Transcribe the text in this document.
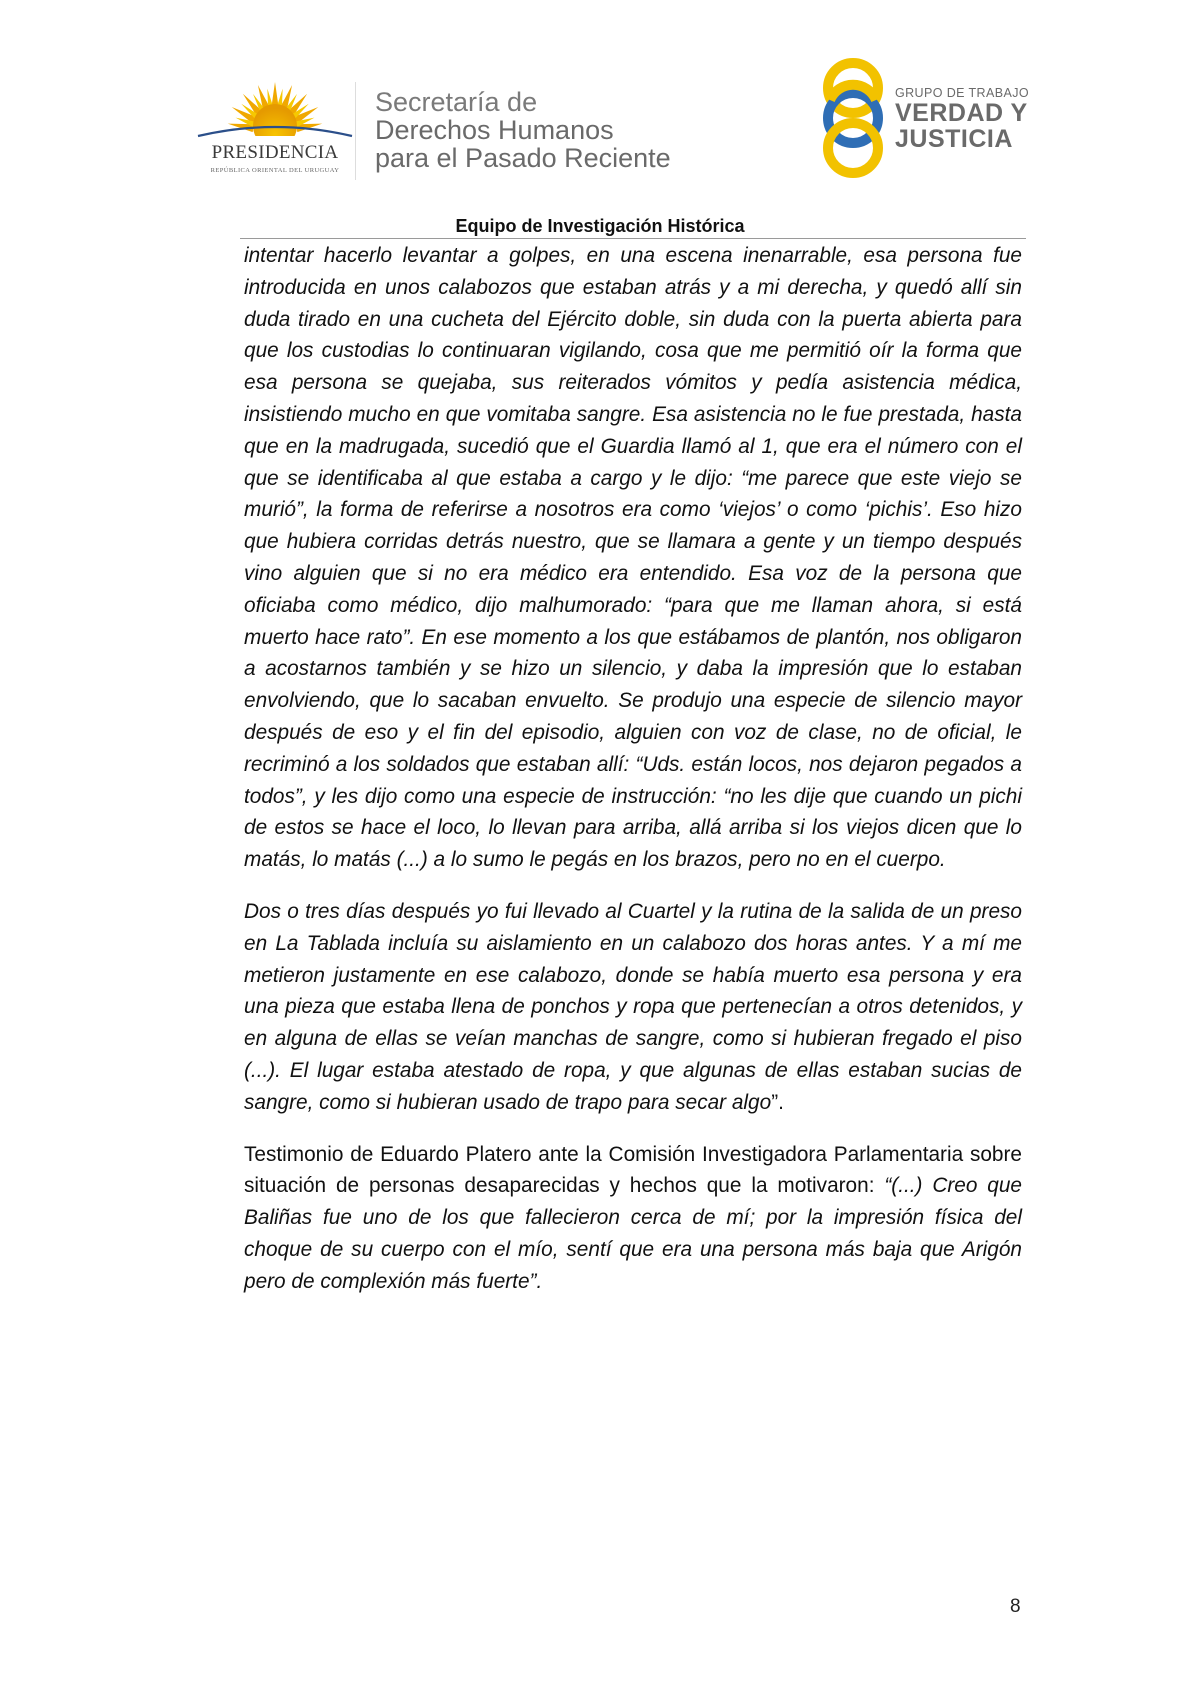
PRESIDENCIA
REPÚBLICA ORIENTAL DEL URUGUAY
Secretaría de
Derechos Humanos
para el Pasado Reciente
GRUPO DE TRABAJO
VERDAD Y
JUSTICIA
Equipo de Investigación Histórica

intentar hacerlo levantar a golpes, en una escena inenarrable, esa persona fue introducida en unos calabozos que estaban atrás y a mi derecha, y quedó allí sin duda tirado en una cucheta del Ejército doble, sin duda con la puerta abierta para que los custodias lo continuaran vigilando, cosa que me permitió oír la forma que esa persona se quejaba, sus reiterados vómitos y pedía asistencia médica, insistiendo mucho en que vomitaba sangre. Esa asistencia no le fue prestada, hasta que en la madrugada, sucedió que el Guardia llamó al 1, que era el número con el que se identificaba al que estaba a cargo y le dijo: “me parece que este viejo se murió”, la forma de referirse a nosotros era como ‘viejos’ o como ‘pichis’. Eso hizo que hubiera corridas detrás nuestro, que se llamara a gente y un tiempo después vino alguien que si no era médico era entendido. Esa voz de la persona que oficiaba como médico, dijo malhumorado: “para que me llaman ahora, si está muerto hace rato”. En ese momento a los que estábamos de plantón, nos obligaron a acostarnos también y se hizo un silencio, y daba la impresión que lo estaban envolviendo, que lo sacaban envuelto. Se produjo una especie de silencio mayor después de eso y el fin del episodio, alguien con voz de clase, no de oficial, le recriminó a los soldados que estaban allí: “Uds. están locos, nos dejaron pegados a todos”, y les dijo como una especie de instrucción: “no les dije que cuando un pichi de estos se hace el loco, lo llevan para arriba, allá arriba si los viejos dicen que lo matás, lo matás (...) a lo sumo le pegás en los brazos, pero no en el cuerpo.

Dos o tres días después yo fui llevado al Cuartel y la rutina de la salida de un preso en La Tablada incluía su aislamiento en un calabozo dos horas antes. Y a mí me metieron justamente en ese calabozo, donde se había muerto esa persona y era una pieza que estaba llena de ponchos y ropa que pertenecían a otros detenidos, y en alguna de ellas se veían manchas de sangre, como si hubieran fregado el piso (...). El lugar estaba atestado de ropa, y que algunas de ellas estaban sucias de sangre, como si hubieran usado de trapo para secar algo”.

Testimonio de Eduardo Platero ante la Comisión Investigadora Parlamentaria sobre situación de personas desaparecidas y hechos que la motivaron: “(...) Creo que Baliñas fue uno de los que fallecieron cerca de mí; por la impresión física del choque de su cuerpo con el mío, sentí que era una persona más baja que Arigón pero de complexión más fuerte”.

8
